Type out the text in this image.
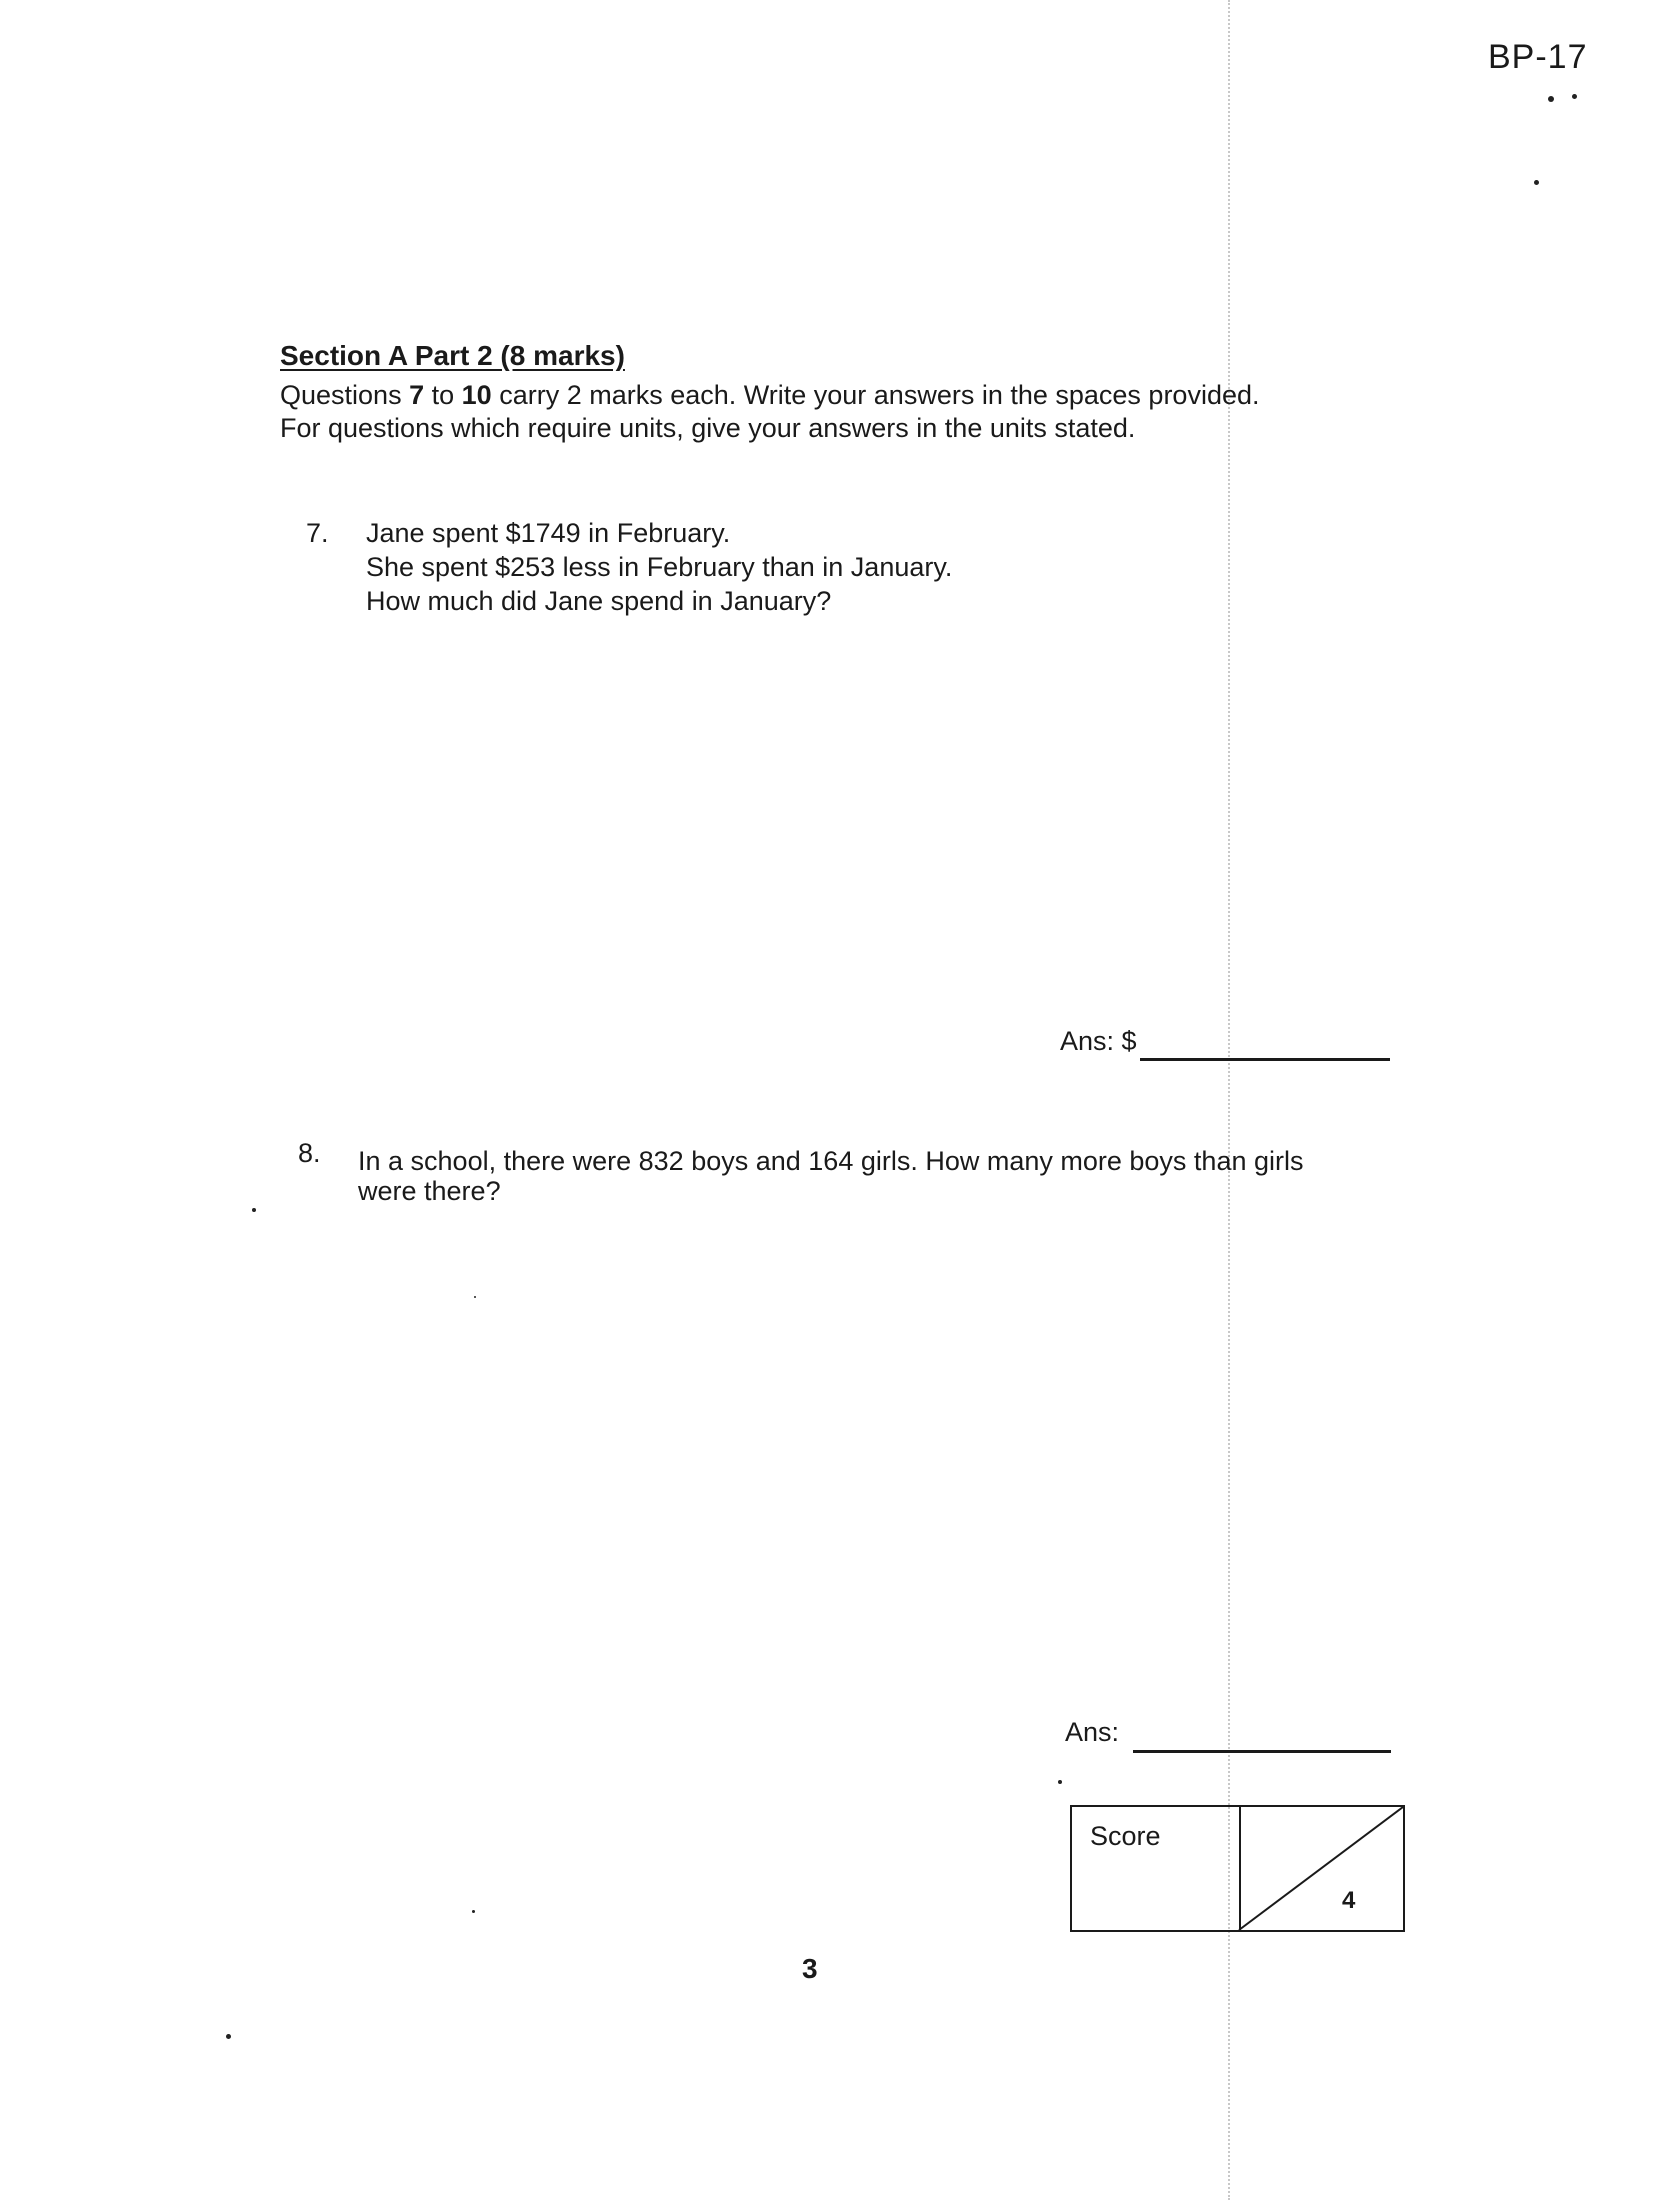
BP-17
Section A Part 2 (8 marks)
Questions 7 to 10 carry 2 marks each. Write your answers in the spaces provided.
For questions which require units, give your answers in the units stated.
7. Jane spent $1749 in February.
She spent $253 less in February than in January.
How much did Jane spend in January?
Ans: $
8. In a school, there were 832 boys and 164 girls. How many more boys than girls
were there?
Ans:
Score
4
3
